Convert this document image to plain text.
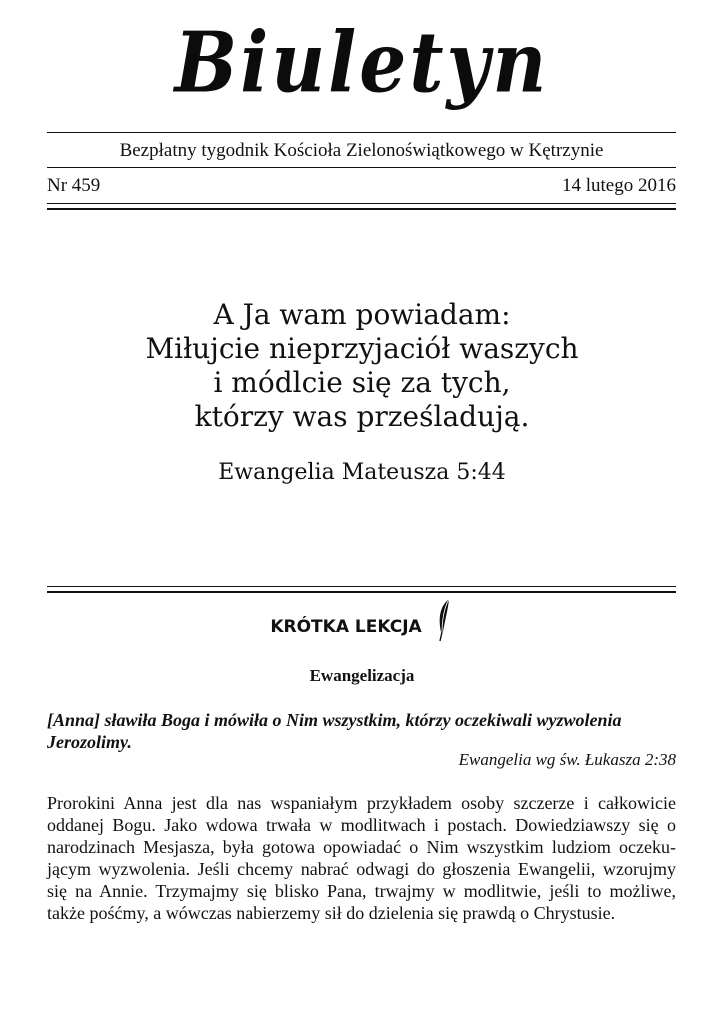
Biuletyn
Bezpłatny tygodnik Kościoła Zielonoświątkowego w Kętrzynie
Nr 459	14 lutego 2016
A Ja wam powiadam:
Miłujcie nieprzyjaciół waszych
i módlcie się za tych,
którzy was prześladują.
Ewangelia Mateusza 5:44
KRÓTKA LEKCJA
Ewangelizacja
[Anna] sławiła Boga i mówiła o Nim wszystkim, którzy oczekiwali wyzwolenia
Jerozolimy.
Ewangelia wg św. Łukasza 2:38
Prorokini Anna jest dla nas wspaniałym przykładem osoby szczerze i całkowicie
oddanej Bogu. Jako wdowa trwała w modlitwach i postach. Dowiedziawszy się o
narodzinach Mesjasza, była gotowa opowiadać o Nim wszystkim ludziom oczeku-
jącym wyzwolenia. Jeśli chcemy nabrać odwagi do głoszenia Ewangelii, wzorujmy
się na Annie. Trzymajmy się blisko Pana, trwajmy w modlitwie, jeśli to możliwe,
także pośćmy, a wówczas nabierzemy sił do dzielenia się prawdą o Chrystusie.
